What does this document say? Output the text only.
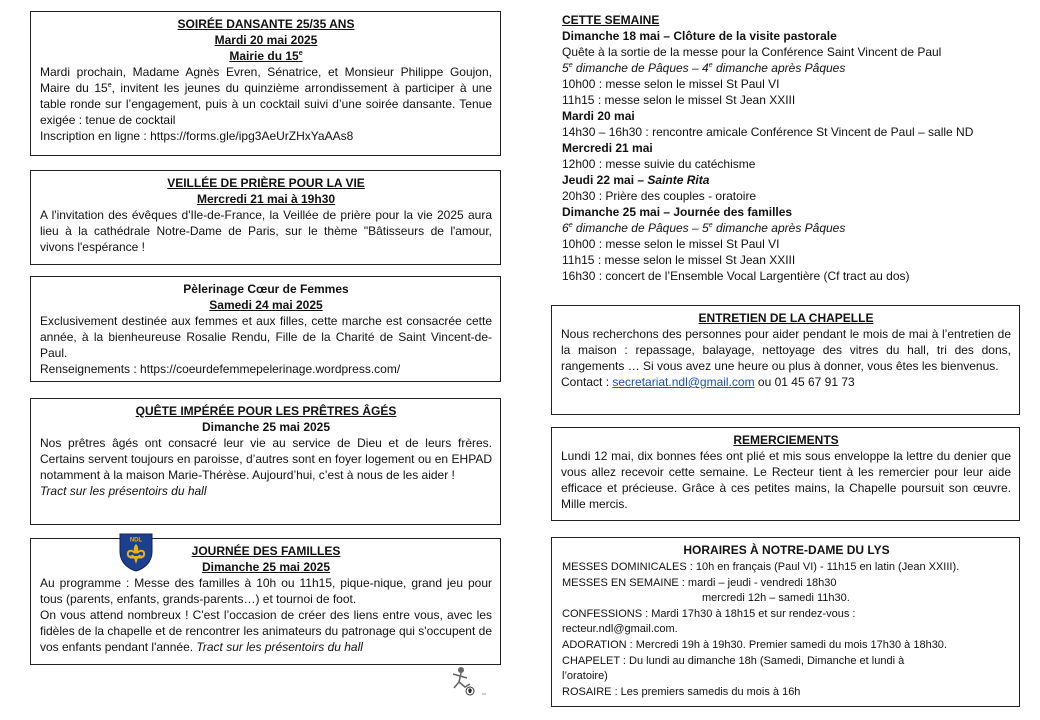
SOIRÉE DANSANTE 25/35 ANS

Mardi 20 mai 2025

Mairie du 15e

Mardi prochain, Madame Agnès Evren, Sénatrice, et Monsieur Philippe Goujon, Maire du 15e, invitent les jeunes du quinzième arrondissement à participer à une table ronde sur l’engagement, puis à un cocktail suivi d’une soirée dansante. Tenue exigée : tenue de cocktail

Inscription en ligne : https://forms.gle/ipg3AeUrZHxYaAAs8

VEILLÉE DE PRIÈRE POUR LA VIE

Mercredi 21 mai à 19h30

A l'invitation des évêques d'Ile-de-France, la Veillée de prière pour la vie 2025 aura lieu à la cathédrale Notre-Dame de Paris, sur le thème "Bâtisseurs de l'amour, vivons l'espérance !

Pèlerinage Cœur de Femmes

Samedi 24 mai 2025

Exclusivement destinée aux femmes et aux filles, cette marche est consacrée cette année, à la bienheureuse Rosalie Rendu, Fille de la Charité de Saint Vincent-de-Paul.

Renseignements : https://coeurdefemmepelerinage.wordpress.com/

QUÊTE IMPÉRÉE POUR LES PRÊTRES ÂGÉS

Dimanche 25 mai 2025

Nos prêtres âgés ont consacré leur vie au service de Dieu et de leurs frères. Certains servent toujours en paroisse, d’autres sont en foyer logement ou en EHPAD notamment à la maison Marie-Thérèse. Aujourd’hui, c’est à nous de les aider !

Tract sur les présentoirs du hall

JOURNÉE DES FAMILLES

Dimanche 25 mai 2025

Au programme : Messe des familles à 10h ou 11h15, pique-nique, grand jeu pour tous (parents, enfants, grands-parents…) et tournoi de foot.

On vous attend nombreux ! C'est l’occasion de créer des liens entre vous, avec les fidèles de la chapelle et de rencontrer les animateurs du patronage qui s'occupent de vos enfants pendant l'année. Tract sur les présentoirs du hall

NDL

CETTE SEMAINE

Dimanche 18 mai – Clôture de la visite pastorale

Quête à la sortie de la messe pour la Conférence Saint Vincent de Paul

5e dimanche de Pâques – 4e dimanche après Pâques

10h00 : messe selon le missel St Paul VI

11h15 : messe selon le missel St Jean XXIII

Mardi 20 mai

14h30 – 16h30 : rencontre amicale Conférence St Vincent de Paul – salle ND

Mercredi 21 mai

12h00 : messe suivie du catéchisme

Jeudi 22 mai – Sainte Rita

20h30 : Prière des couples - oratoire

Dimanche 25 mai – Journée des familles

6e dimanche de Pâques – 5e dimanche après Pâques

10h00 : messe selon le missel St Paul VI

11h15 : messe selon le missel St Jean XXIII

16h30 : concert de l’Ensemble Vocal Largentière (Cf tract au dos)

ENTRETIEN DE LA CHAPELLE

Nous recherchons des personnes pour aider pendant le mois de mai à l’entretien de la maison : repassage, balayage, nettoyage des vitres du hall, tri des dons, rangements … Si vous avez une heure ou plus à donner, vous êtes les bienvenus.

Contact : secretariat.ndl@gmail.com ou 01 45 67 91 73

REMERCIEMENTS

Lundi 12 mai, dix bonnes fées ont plié et mis sous enveloppe la lettre du denier que vous allez recevoir cette semaine. Le Recteur tient à les remercier pour leur aide efficace et précieuse. Grâce à ces petites mains, la Chapelle poursuit son œuvre. Mille mercis.

HORAIRES À NOTRE-DAME DU LYS

MESSES DOMINICALES : 10h en français (Paul VI) - 11h15 en latin (Jean XXIII).

MESSES EN SEMAINE : mardi – jeudi - vendredi 18h30

mercredi 12h – samedi 11h30.

CONFESSIONS : Mardi 17h30 à 18h15 et sur rendez-vous :

recteur.ndl@gmail.com.

ADORATION : Mercredi 19h à 19h30. Premier samedi du mois 17h30 à 18h30.

CHAPELET : Du lundi au dimanche 18h (Samedi, Dimanche et lundi à

l’oratoire)

ROSAIRE : Les premiers samedis du mois à 16h
